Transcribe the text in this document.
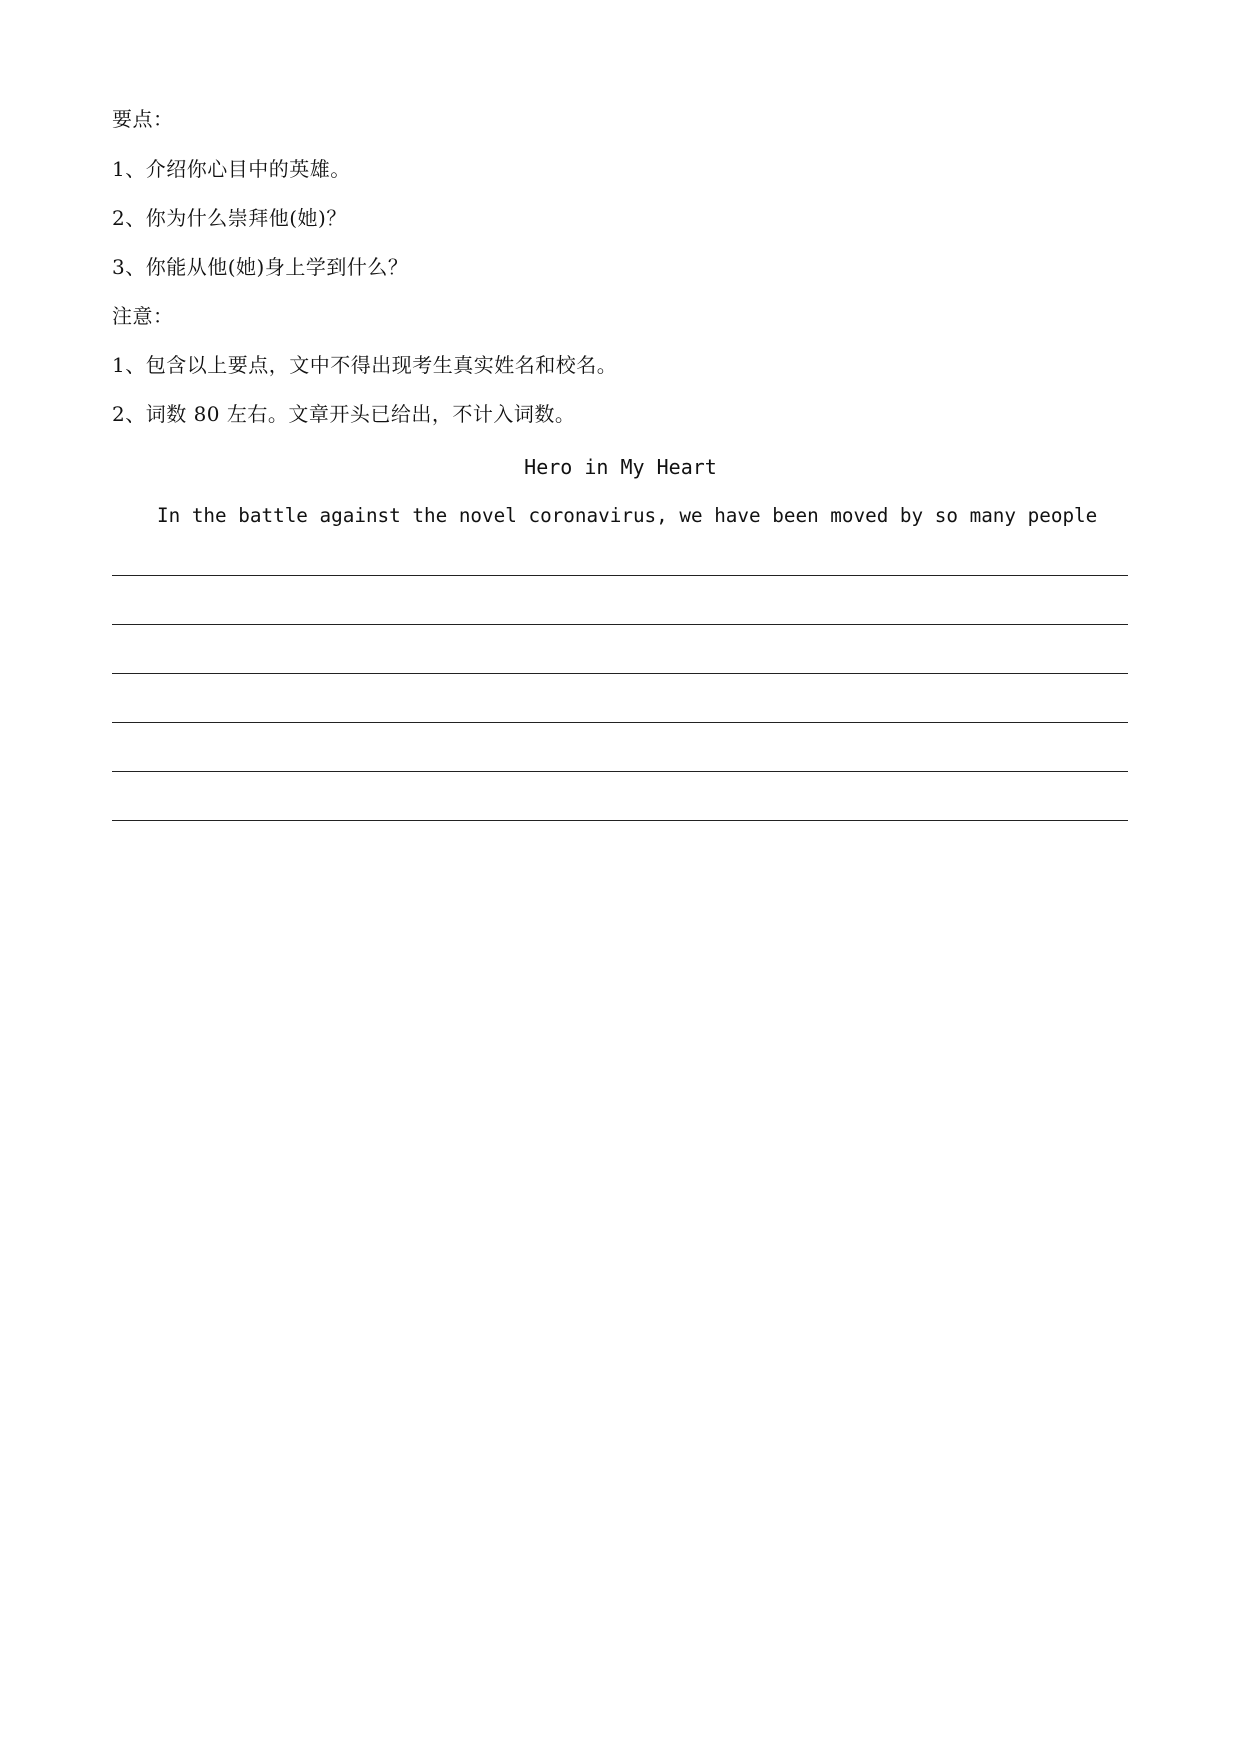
要点：
1、介绍你心目中的英雄。
2、你为什么崇拜他(她)？
3、你能从他(她)身上学到什么？
注意：
1、包含以上要点，文中不得出现考生真实姓名和校名。
2、词数 80 左右。文章开头已给出，不计入词数。
Hero in My Heart
In the battle against the novel coronavirus, we have been moved by so many people
